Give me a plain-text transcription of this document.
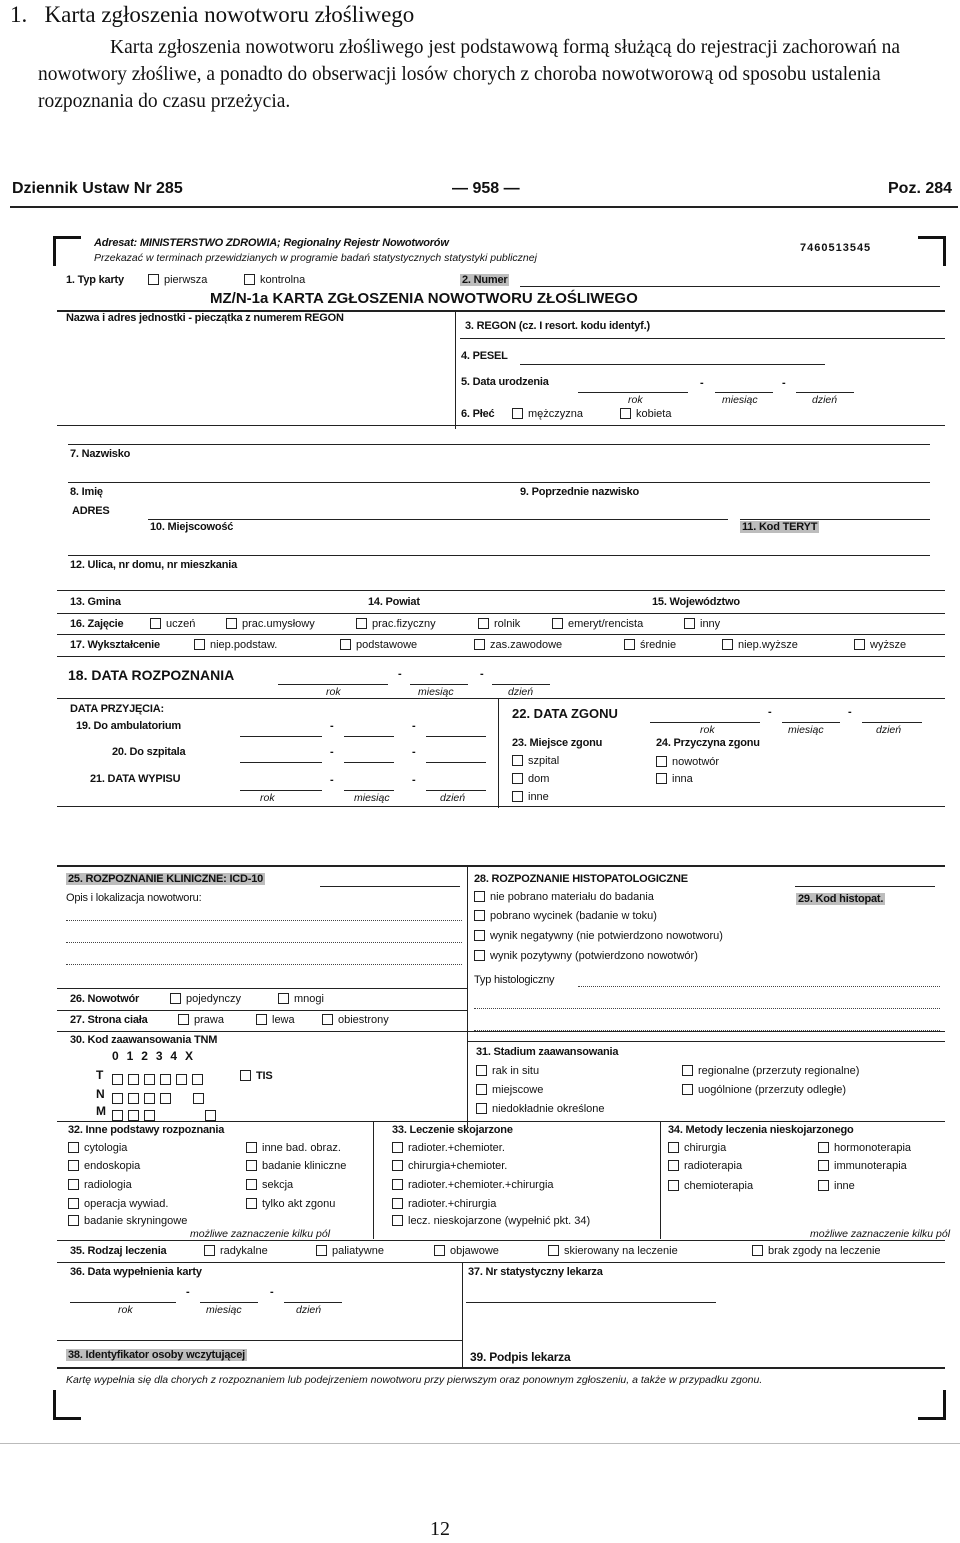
1. Karta zgłoszenia nowotworu złośliwego
Karta zgłoszenia nowotworu złośliwego jest podstawową formą służącą do rejestracji zachorowań na nowotwory złośliwe, a ponadto do obserwacji losów chorych z choroba nowotworową od sposobu ustalenia rozpoznania do czasu przeżycia.
Dziennik Ustaw Nr 285	— 958 —	Poz. 284
Adresat: MINISTERSTWO ZDROWIA; Regionalny Rejestr Nowotworów
Przekazać w terminach przewidzianych w programie badań statystycznych statystyki publicznej
7460513545
1. Typ karty	pierwsza	kontrolna	2. Numer
MZ/N-1a KARTA ZGŁOSZENIA NOWOTWORU ZŁOŚLIWEGO
Nazwa i adres jednostki - pieczątka z numerem REGON
3. REGON (cz. I resort. kodu identyf.)
4. PESEL
5. Data urodzenia	-	-
rok	miesiąc	dzień
6. Płeć	mężczyzna	kobieta
7. Nazwisko
8. Imię	9. Poprzednie nazwisko
ADRES
10. Miejscowość	11. Kod TERYT
12. Ulica, nr domu, nr mieszkania
13. Gmina	14. Powiat	15. Województwo
16. Zajęcie	uczeń	prac.umysłowy	prac.fizyczny	rolnik	emeryt/rencista	inny
17. Wykształcenie	niep.podstaw.	podstawowe	zas.zawodowe	średnie	niep.wyższe	wyższe
18. DATA ROZPOZNANIA	-	-
rok	miesiąc	dzień
DATA PRZYJĘCIA:
19. Do ambulatorium	-	-
20. Do szpitala	-	-
21. DATA WYPISU	-	-
rok	miesiąc	dzień
22. DATA ZGONU	-	-
rok	miesiąc	dzień
23. Miejsce zgonu
szpital
dom
inne
24. Przyczyna zgonu
nowotwór
inna
25. ROZPOZNANIE KLINICZNE: ICD-10
Opis i lokalizacja nowotworu:
28. ROZPOZNANIE HISTOPATOLOGICZNE
nie pobrano materiału do badania
pobrano wycinek (badanie w toku)
wynik negatywny (nie potwierdzono nowotworu)
wynik pozytywny (potwierdzono nowotwór)
29. Kod histopat.
Typ histologiczny
26. Nowotwór	pojedynczy	mnogi
27. Strona ciała	prawa	lewa	obiestrony
30. Kod zaawansowania TNM
0 1 2 3 4 X
T	TIS
N
M
31. Stadium zaawansowania
rak in situ
miejscowe
niedokładnie określone
regionalne (przerzuty regionalne)
uogólnione (przerzuty odległe)
32. Inne podstawy rozpoznania
cytologia
endoskopia
radiologia
operacja wywiad.
badanie skryningowe
inne bad. obraz.
badanie kliniczne
sekcja
tylko akt zgonu
możliwe zaznaczenie kilku pól
33. Leczenie skojarzone
radioter.+chemioter.
chirurgia+chemioter.
radioter.+chemioter.+chirurgia
radioter.+chirurgia
lecz. nieskojarzone (wypełnić pkt. 34)
34. Metody leczenia nieskojarzonego
chirurgia
radioterapia
chemioterapia
hormonoterapia
immunoterapia
inne
możliwe zaznaczenie kilku pól
35. Rodzaj leczenia	radykalne	paliatywne	objawowe	skierowany na leczenie	brak zgody na leczenie
36. Data wypełnienia karty	37. Nr statystyczny lekarza
-	-
rok	miesiąc	dzień
38. Identyfikator osoby wczytującej	39. Podpis lekarza
Kartę wypełnia się dla chorych z rozpoznaniem lub podejrzeniem nowotworu przy pierwszym oraz ponownym zgłoszeniu, a także w przypadku zgonu.
12
